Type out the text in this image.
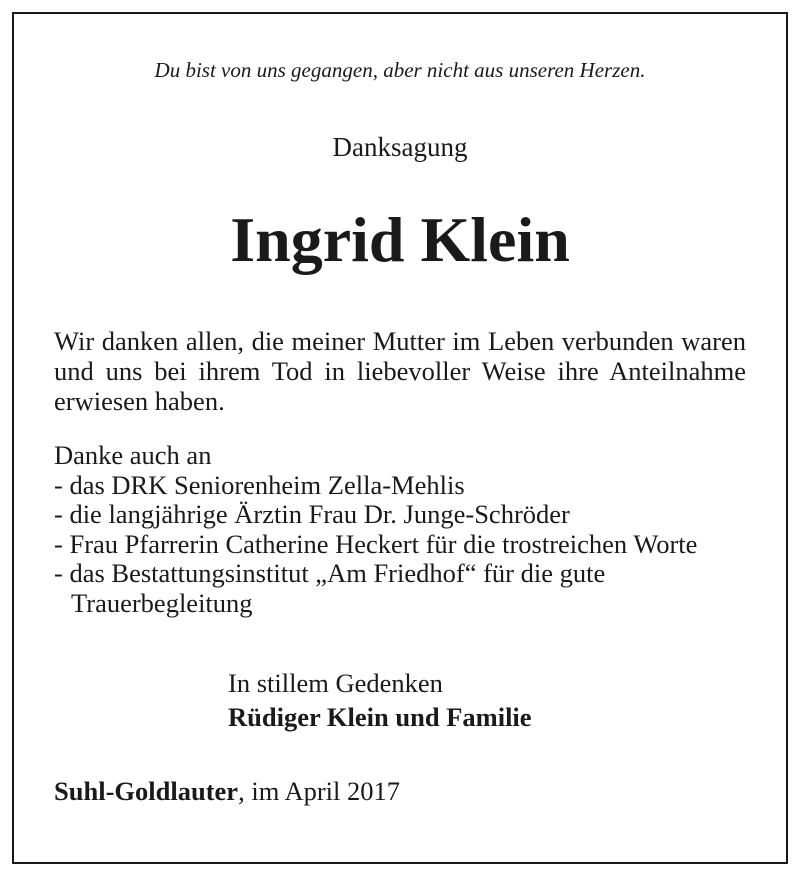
Du bist von uns gegangen, aber nicht aus unseren Herzen.
Danksagung
Ingrid Klein
Wir danken allen, die meiner Mutter im Leben verbunden waren und uns bei ihrem Tod in liebevoller Weise ihre Anteilnahme erwiesen haben.
Danke auch an
- das DRK Seniorenheim Zella-Mehlis
- die langjährige Ärztin Frau Dr. Junge-Schröder
- Frau Pfarrerin Catherine Heckert für die trostreichen Worte
- das Bestattungsinstitut „Am Friedhof“ für die gute Trauerbegleitung
In stillem Gedenken
Rüdiger Klein und Familie
Suhl-Goldlauter, im April 2017
